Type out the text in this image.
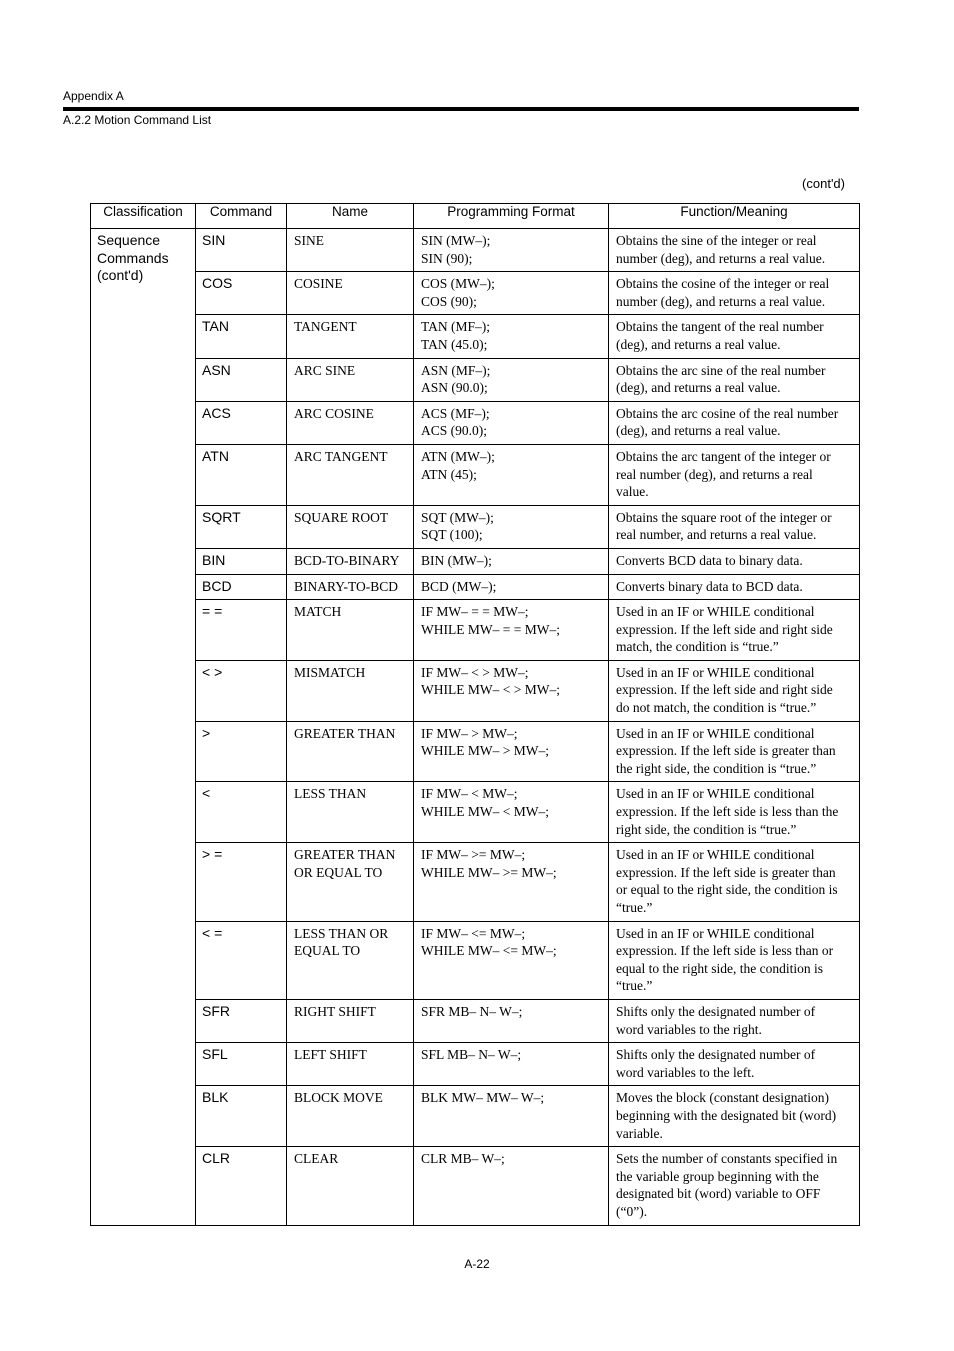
Appendix A
A.2.2 Motion Command List
(cont'd)
Classification	Command	Name	Programming Format	Function/Meaning

Sequence
Commands
(cont'd)	SIN	SINE	SIN (MW–);
SIN (90);	Obtains the sine of the integer or real
number (deg), and returns a real value.

	COS	COSINE	COS (MW–);
COS (90);	Obtains the cosine of the integer or real
number (deg), and returns a real value.

	TAN	TANGENT	TAN (MF–);
TAN (45.0);	Obtains the tangent of the real number
(deg), and returns a real value.

	ASN	ARC SINE	ASN (MF–);
ASN (90.0);	Obtains the arc sine of the real number
(deg), and returns a real value.

	ACS	ARC COSINE	ACS (MF–);
ACS (90.0);	Obtains the arc cosine of the real number
(deg), and returns a real value.

	ATN	ARC TANGENT	ATN (MW–);
ATN (45);	Obtains the arc tangent of the integer or
real number (deg), and returns a real
value.

	SQRT	SQUARE ROOT	SQT (MW–);
SQT (100);	Obtains the square root of the integer or
real number, and returns a real value.

	BIN	BCD-TO-BINARY	BIN (MW–);	Converts BCD data to binary data.

	BCD	BINARY-TO-BCD	BCD (MW–);	Converts binary data to BCD data.

	= =	MATCH	IF MW– = = MW–;
WHILE MW– = = MW–;	Used in an IF or WHILE conditional
expression. If the left side and right side
match, the condition is “true.”

	< >	MISMATCH	IF MW– < > MW–;
WHILE MW– < > MW–;	Used in an IF or WHILE conditional
expression. If the left side and right side
do not match, the condition is “true.”

	>	GREATER THAN	IF MW– > MW–;
WHILE MW– > MW–;	Used in an IF or WHILE conditional
expression. If the left side is greater than
the right side, the condition is “true.”

	<	LESS THAN	IF MW– < MW–;
WHILE MW– < MW–;	Used in an IF or WHILE conditional
expression. If the left side is less than the
right side, the condition is “true.”

	> =	GREATER THAN
OR EQUAL TO	IF MW– >= MW–;
WHILE MW– >= MW–;	Used in an IF or WHILE conditional
expression. If the left side is greater than
or equal to the right side, the condition is
“true.”

	< =	LESS THAN OR
EQUAL TO	IF MW– <= MW–;
WHILE MW– <= MW–;	Used in an IF or WHILE conditional
expression. If the left side is less than or
equal to the right side, the condition is
“true.”

	SFR	RIGHT SHIFT	SFR MB– N– W–;	Shifts only the designated number of
word variables to the right.

	SFL	LEFT SHIFT	SFL MB– N– W–;	Shifts only the designated number of
word variables to the left.

	BLK	BLOCK MOVE	BLK MW– MW– W–;	Moves the block (constant designation)
beginning with the designated bit (word)
variable.

	CLR	CLEAR	CLR MB– W–;	Sets the number of constants specified in
the variable group beginning with the
designated bit (word) variable to OFF
(“0”).
A-22
